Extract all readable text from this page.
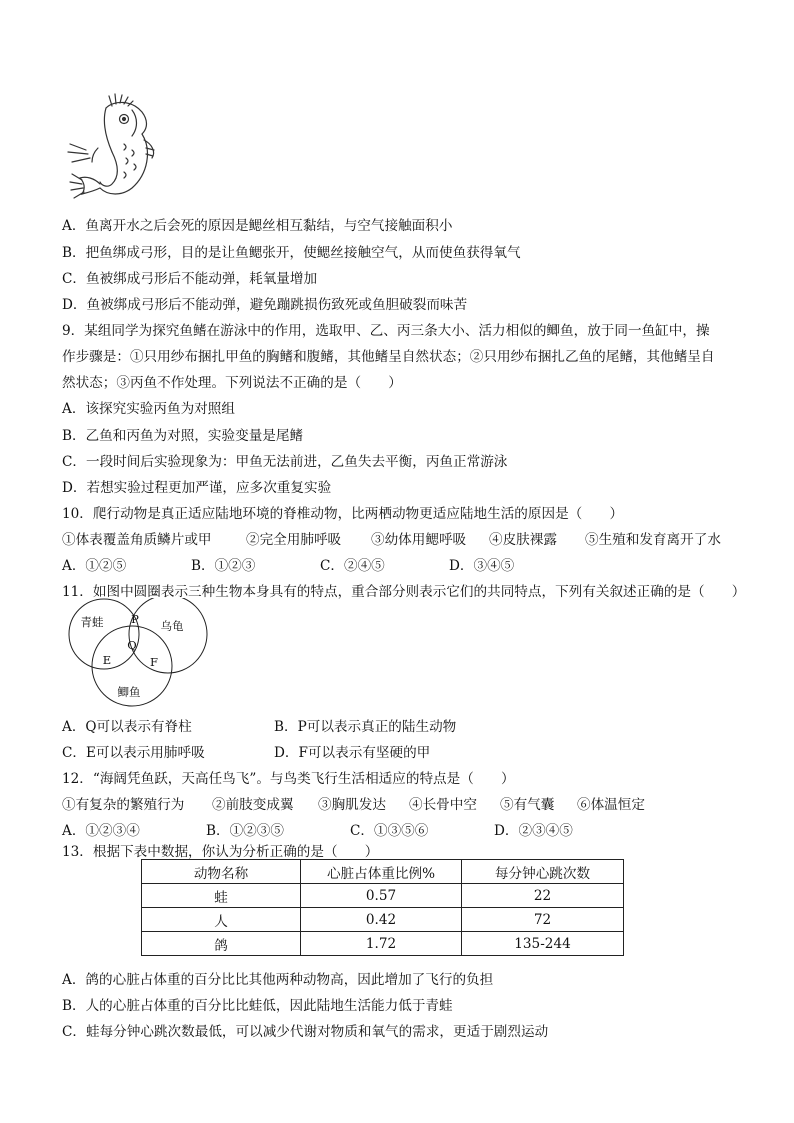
A．鱼离开水之后会死的原因是鳃丝相互黏结，与空气接触面积小
B．把鱼绑成弓形，目的是让鱼鳃张开，使鳃丝接触空气，从而使鱼获得氧气
C．鱼被绑成弓形后不能动弹，耗氧量增加
D．鱼被绑成弓形后不能动弹，避免蹦跳损伤致死或鱼胆破裂而味苦
9．某组同学为探究鱼鳍在游泳中的作用，选取甲、乙、丙三条大小、活力相似的鲫鱼，放于同一鱼缸中，操
作步骤是：①只用纱布捆扎甲鱼的胸鳍和腹鳍，其他鳍呈自然状态；②只用纱布捆扎乙鱼的尾鳍，其他鳍呈自
然状态；③丙鱼不作处理。下列说法不正确的是（　　）
A．该探究实验丙鱼为对照组
B．乙鱼和丙鱼为对照，实验变量是尾鳍
C．一段时间后实验现象为：甲鱼无法前进，乙鱼失去平衡，丙鱼正常游泳
D．若想实验过程更加严谨，应多次重复实验
10．爬行动物是真正适应陆地环境的脊椎动物，比两栖动物更适应陆地生活的原因是（　　）
①体表覆盖角质鳞片或甲	②完全用肺呼吸 ③幼体用鳃呼吸 ④皮肤裸露 ⑤生殖和发育离开了水
A．①②⑤	B．①②③	C．②④⑤	D．③④⑤
11．如图中圆圈表示三种生物本身具有的特点，重合部分则表示它们的共同特点，下列有关叙述正确的是（　　）
青蛙	乌龟
鲫鱼
P
Q
E	F
A．Q可以表示有脊柱	B．P可以表示真正的陆生动物
C．E可以表示用肺呼吸	D．F可以表示有坚硬的甲
12．“海阔凭鱼跃，天高任鸟飞”。与鸟类飞行生活相适应的特点是（　　）
①有复杂的繁殖行为 ②前肢变成翼 ③胸肌发达 ④长骨中空 ⑤有气囊 ⑥体温恒定
A．①②③④	B．①②③⑤	C．①③⑤⑥	D．②③④⑤
13．根据下表中数据，你认为分析正确的是（　　）
动物名称	心脏占体重比例%	每分钟心跳次数
蛙	0.57	22
人	0.42	72
鸽	1.72	135-244
A．鸽的心脏占体重的百分比比其他两种动物高，因此增加了飞行的负担
B．人的心脏占体重的百分比比蛙低，因此陆地生活能力低于青蛙
C．蛙每分钟心跳次数最低，可以减少代谢对物质和氧气的需求，更适于剧烈运动
